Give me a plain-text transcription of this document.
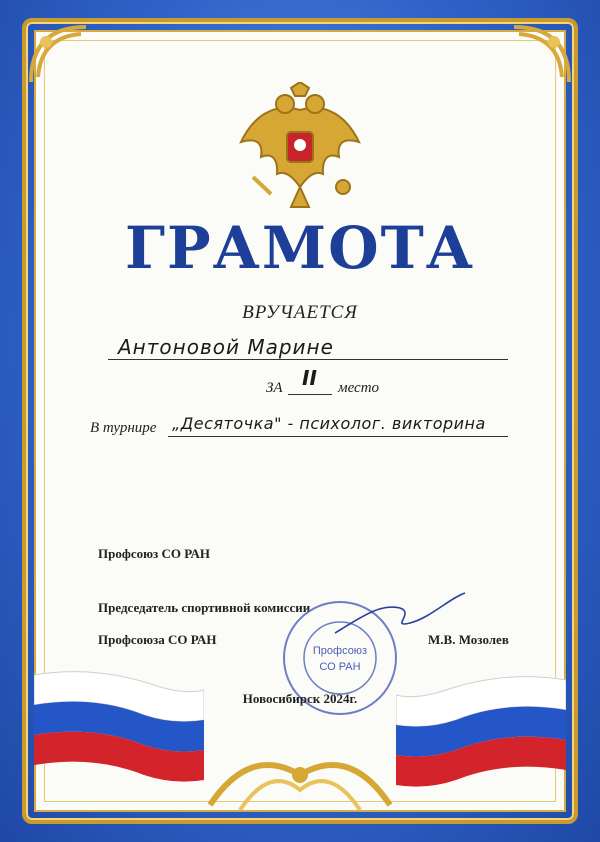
ГРАМОТА
ВРУЧАЕТСЯ
Антоновой Марине
ЗА II место
В турнире „Десяточка" - психолог. викторина
Профсоюз СО РАН
Председатель спортивной комиссии
Профсоюза СО РАН	М.В. Мозолев
Профсоюз
СО РАН
Новосибирск 2024г.
